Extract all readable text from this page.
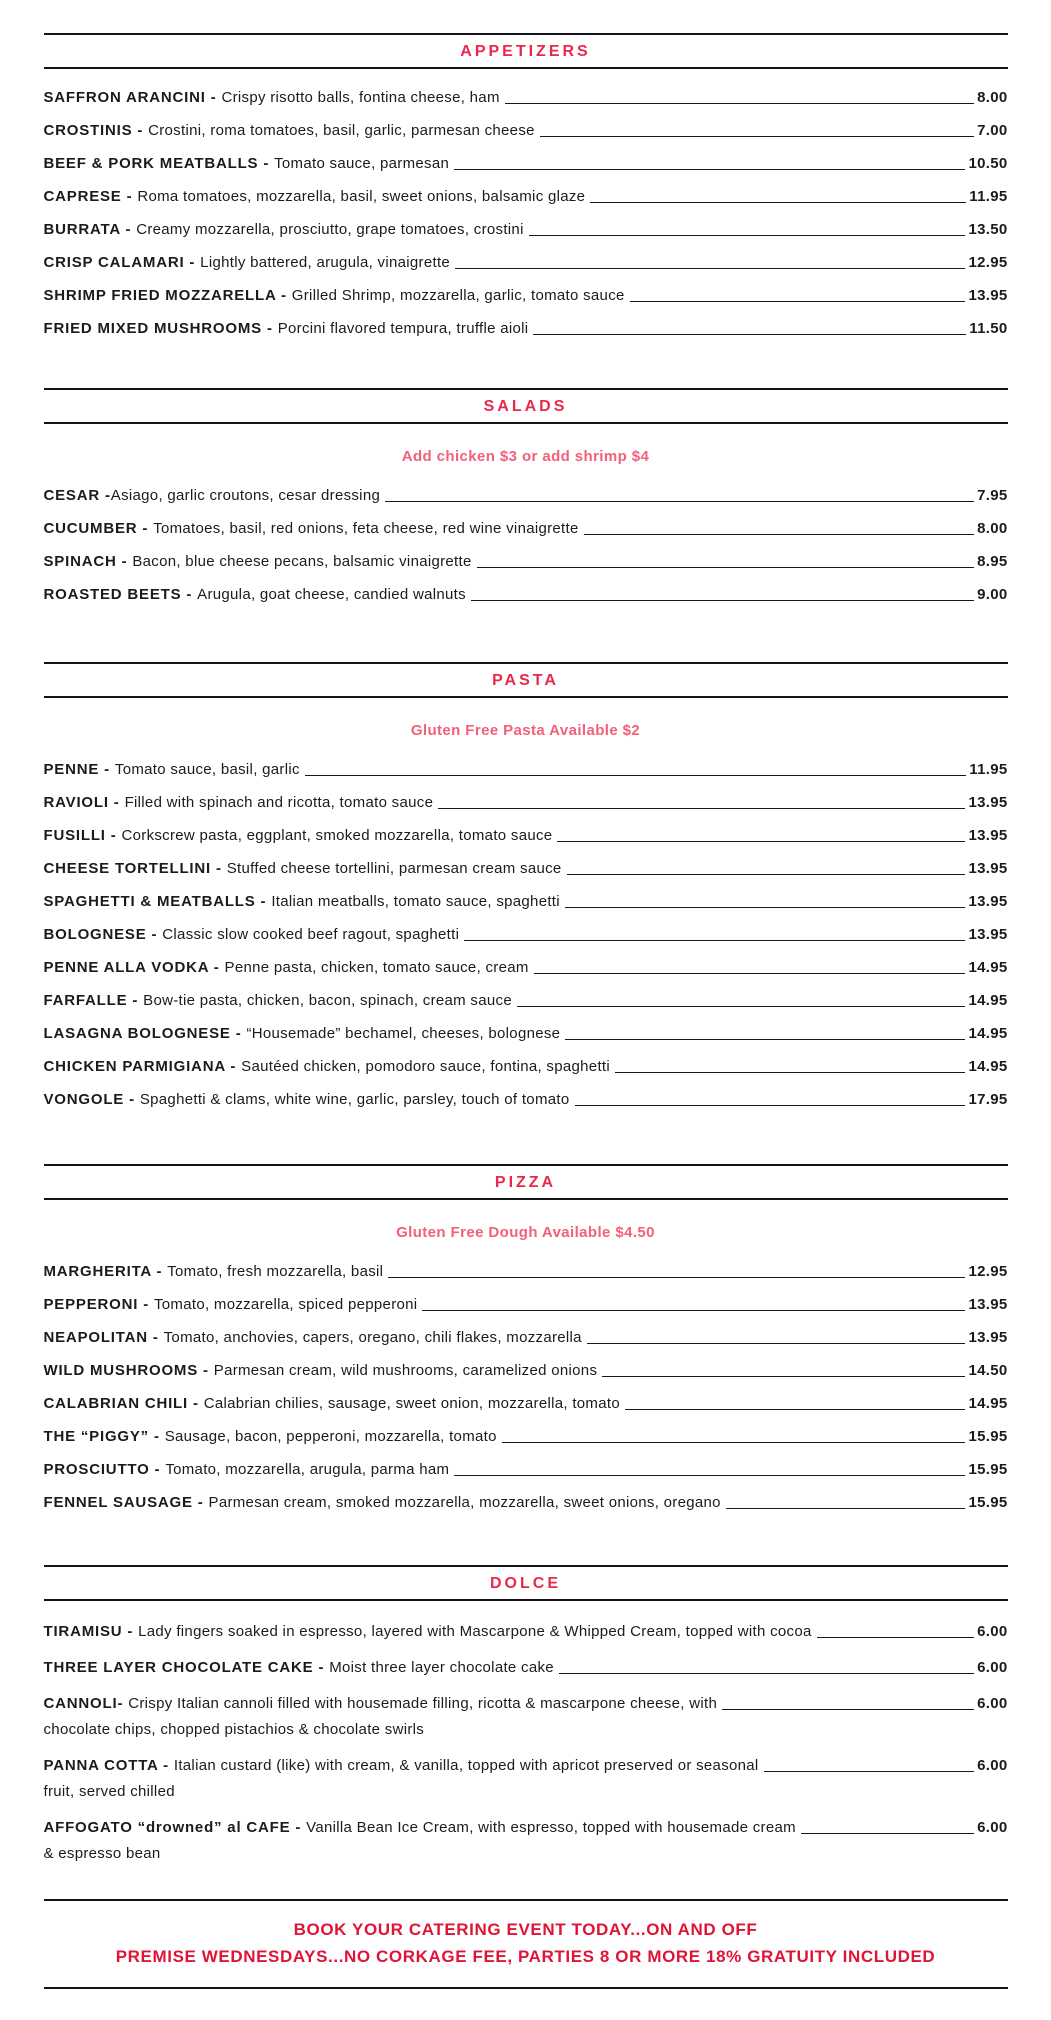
APPETIZERS

SAFFRON ARANCINI - Crispy risotto balls, fontina cheese, ham	8.00

CROSTINIS - Crostini, roma tomatoes, basil, garlic, parmesan cheese	7.00

BEEF & PORK MEATBALLS - Tomato sauce, parmesan	10.50

CAPRESE - Roma tomatoes, mozzarella, basil, sweet onions, balsamic glaze	11.95

BURRATA - Creamy mozzarella, prosciutto, grape tomatoes, crostini	13.50

CRISP CALAMARI - Lightly battered, arugula, vinaigrette	12.95

SHRIMP FRIED MOZZARELLA - Grilled Shrimp, mozzarella, garlic, tomato sauce	13.95

FRIED MIXED MUSHROOMS - Porcini flavored tempura, truffle aioli	11.50
SALADS

Add chicken $3 or add shrimp $4

CESAR -Asiago, garlic croutons, cesar dressing	7.95

CUCUMBER - Tomatoes, basil, red onions, feta cheese, red wine vinaigrette	8.00

SPINACH - Bacon, blue cheese pecans, balsamic vinaigrette	8.95

ROASTED BEETS - Arugula, goat cheese, candied walnuts	9.00
PASTA

Gluten Free Pasta Available $2

PENNE - Tomato sauce, basil, garlic	11.95

RAVIOLI - Filled with spinach and ricotta, tomato sauce	13.95

FUSILLI - Corkscrew pasta, eggplant, smoked mozzarella, tomato sauce	13.95

CHEESE TORTELLINI - Stuffed cheese tortellini, parmesan cream sauce	13.95

SPAGHETTI & MEATBALLS - Italian meatballs, tomato sauce, spaghetti	13.95

BOLOGNESE - Classic slow cooked beef ragout, spaghetti	13.95

PENNE ALLA VODKA - Penne pasta, chicken, tomato sauce, cream	14.95

FARFALLE - Bow-tie pasta, chicken, bacon, spinach, cream sauce	14.95

LASAGNA BOLOGNESE - “Housemade” bechamel, cheeses, bolognese	14.95

CHICKEN PARMIGIANA - Sautéed chicken, pomodoro sauce, fontina, spaghetti	14.95

VONGOLE - Spaghetti & clams, white wine, garlic, parsley, touch of tomato	17.95
PIZZA

Gluten Free Dough Available $4.50

MARGHERITA - Tomato, fresh mozzarella, basil	12.95

PEPPERONI - Tomato, mozzarella, spiced pepperoni	13.95

NEAPOLITAN - Tomato, anchovies, capers, oregano, chili flakes, mozzarella	13.95

WILD MUSHROOMS - Parmesan cream, wild mushrooms, caramelized onions	14.50

CALABRIAN CHILI - Calabrian chilies, sausage, sweet onion, mozzarella, tomato	14.95

THE “PIGGY” - Sausage, bacon, pepperoni, mozzarella, tomato	15.95

PROSCIUTTO - Tomato, mozzarella, arugula, parma ham	15.95

FENNEL SAUSAGE - Parmesan cream, smoked mozzarella, mozzarella, sweet onions, oregano	15.95
DOLCE

TIRAMISU - Lady fingers soaked in espresso, layered with Mascarpone & Whipped Cream, topped with cocoa	6.00

THREE LAYER CHOCOLATE CAKE - Moist three layer chocolate cake	6.00

CANNOLI- Crispy Italian cannoli filled with housemade filling, ricotta & mascarpone cheese, with	6.00

chocolate chips, chopped pistachios & chocolate swirls

PANNA COTTA - Italian custard (like) with cream, & vanilla, topped with apricot preserved or seasonal	6.00

fruit, served chilled

AFFOGATO “drowned” al CAFE - Vanilla Bean Ice Cream, with espresso, topped with housemade cream	6.00

& espresso bean

BOOK YOUR CATERING EVENT TODAY...ON AND OFF

PREMISE WEDNESDAYS...NO CORKAGE FEE, PARTIES 8 OR MORE 18% GRATUITY INCLUDED
